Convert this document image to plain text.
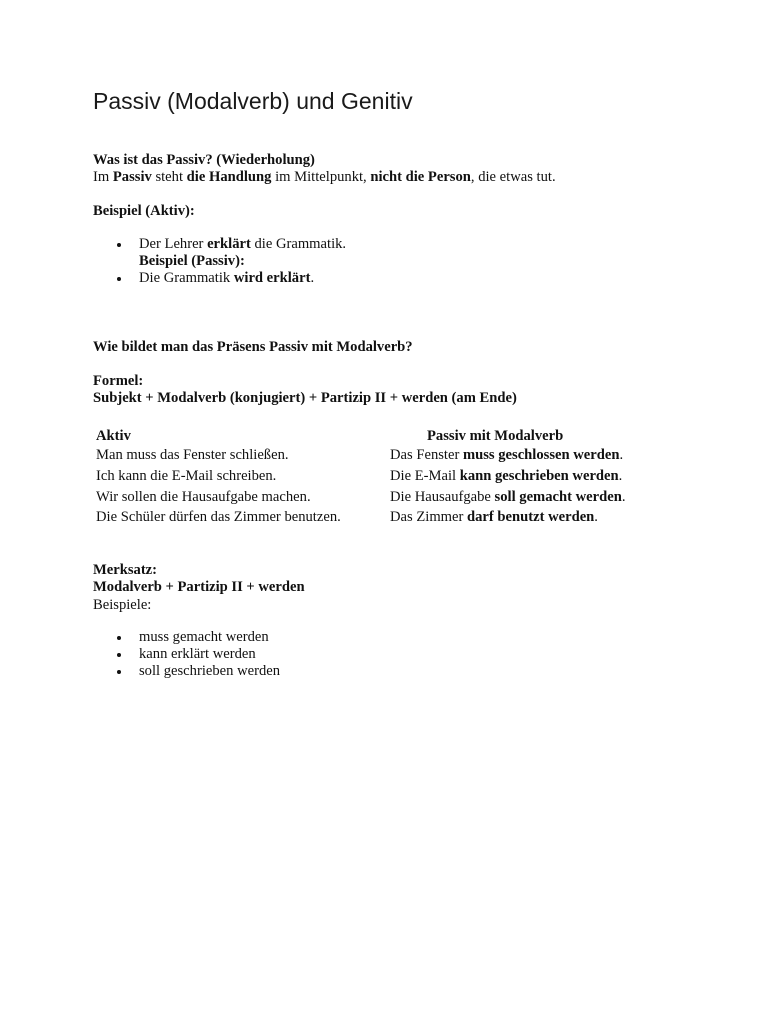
Passiv (Modalverb) und Genitiv
Was ist das Passiv? (Wiederholung)
Im Passiv steht die Handlung im Mittelpunkt, nicht die Person, die etwas tut.
Beispiel (Aktiv):
Der Lehrer erklärt die Grammatik.
Beispiel (Passiv):
Die Grammatik wird erklärt.
Wie bildet man das Präsens Passiv mit Modalverb?
Formel:
Subjekt + Modalverb (konjugiert) + Partizip II + werden (am Ende)
Aktiv	Passiv mit Modalverb
Man muss das Fenster schließen.	Das Fenster muss geschlossen werden.
Ich kann die E-Mail schreiben.	Die E-Mail kann geschrieben werden.
Wir sollen die Hausaufgabe machen.	Die Hausaufgabe soll gemacht werden.
Die Schüler dürfen das Zimmer benutzen.	Das Zimmer darf benutzt werden.
Merksatz:
Modalverb + Partizip II + werden
Beispiele:
muss gemacht werden
kann erklärt werden
soll geschrieben werden
